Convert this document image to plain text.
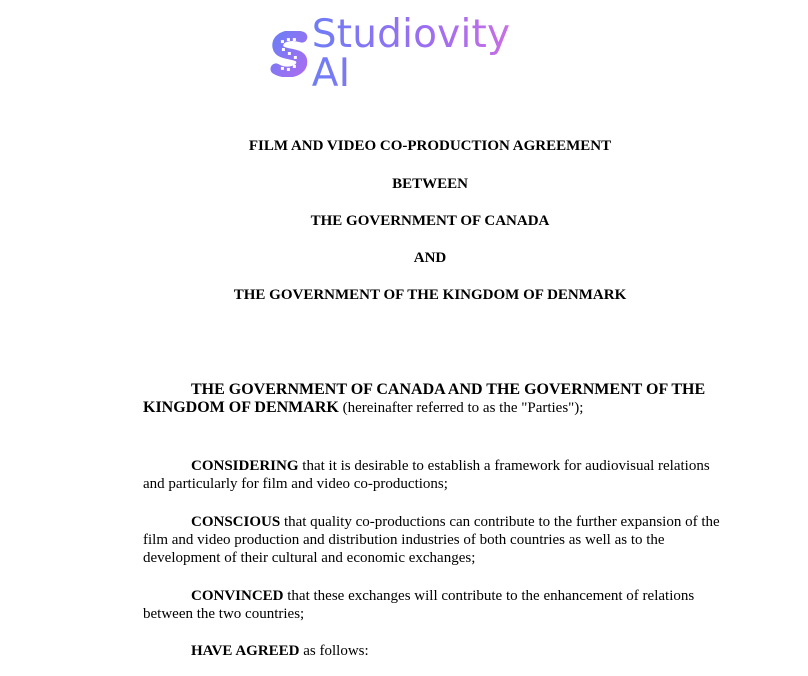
Studiovity AI
FILM AND VIDEO CO-PRODUCTION AGREEMENT
BETWEEN
THE GOVERNMENT OF CANADA
AND
THE GOVERNMENT OF THE KINGDOM OF DENMARK

THE GOVERNMENT OF CANADA AND THE GOVERNMENT OF THE KINGDOM OF DENMARK (hereinafter referred to as the "Parties");

CONSIDERING that it is desirable to establish a framework for audiovisual relations and particularly for film and video co-productions;

CONSCIOUS that quality co-productions can contribute to the further expansion of the film and video production and distribution industries of both countries as well as to the development of their cultural and economic exchanges;

CONVINCED that these exchanges will contribute to the enhancement of relations between the two countries;

HAVE AGREED as follows:
